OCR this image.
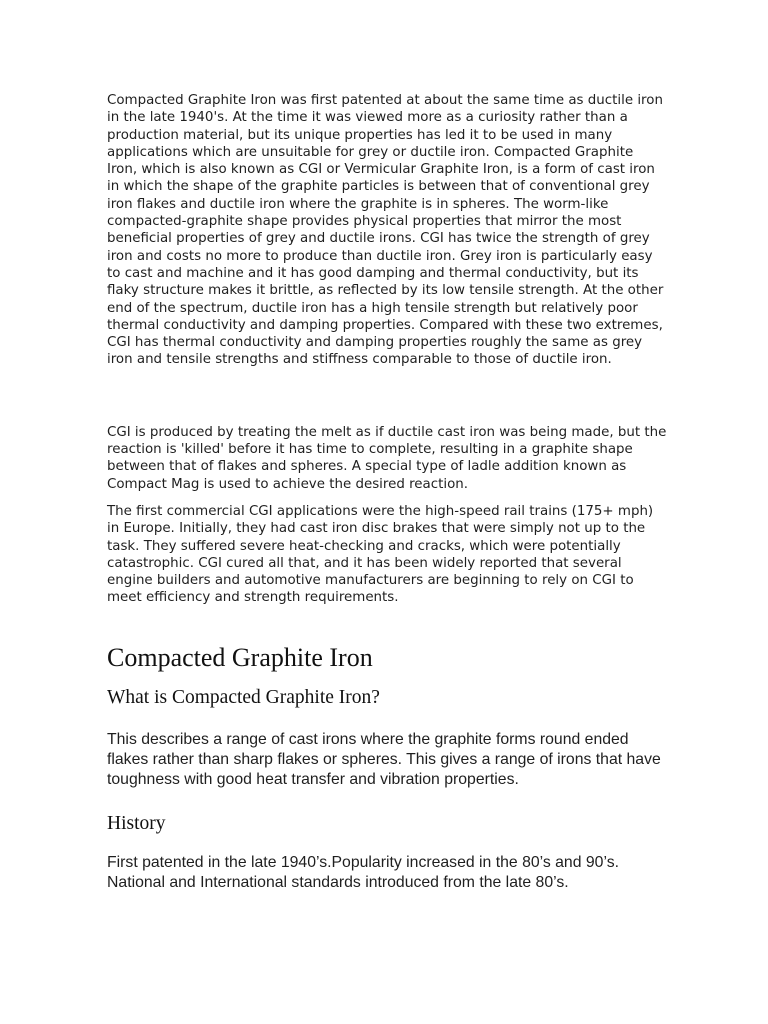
Compacted Graphite Iron was first patented at about the same time as ductile iron in the late 1940's. At the time it was viewed more as a curiosity rather than a production material, but its unique properties has led it to be used in many applications which are unsuitable for grey or ductile iron. Compacted Graphite Iron, which is also known as CGI or Vermicular Graphite Iron, is a form of cast iron in which the shape of the graphite particles is between that of conventional grey iron flakes and ductile iron where the graphite is in spheres. The worm-like compacted-graphite shape provides physical properties that mirror the most beneficial properties of grey and ductile irons. CGI has twice the strength of grey iron and costs no more to produce than ductile iron. Grey iron is particularly easy to cast and machine and it has good damping and thermal conductivity, but its flaky structure makes it brittle, as reflected by its low tensile strength. At the other end of the spectrum, ductile iron has a high tensile strength but relatively poor thermal conductivity and damping properties. Compared with these two extremes, CGI has thermal conductivity and damping properties roughly the same as grey iron and tensile strengths and stiffness comparable to those of ductile iron.

CGI is produced by treating the melt as if ductile cast iron was being made, but the reaction is 'killed' before it has time to complete, resulting in a graphite shape between that of flakes and spheres. A special type of ladle addition known as Compact Mag is used to achieve the desired reaction.

The first commercial CGI applications were the high-speed rail trains (175+ mph) in Europe. Initially, they had cast iron disc brakes that were simply not up to the task. They suffered severe heat-checking and cracks, which were potentially catastrophic. CGI cured all that, and it has been widely reported that several engine builders and automotive manufacturers are beginning to rely on CGI to meet efficiency and strength requirements.

Compacted Graphite Iron
What is Compacted Graphite Iron?

This describes a range of cast irons where the graphite forms round ended flakes rather than sharp flakes or spheres. This gives a range of irons that have toughness with good heat transfer and vibration properties.

History

First patented in the late 1940’s.Popularity increased in the 80’s and 90’s. National and International standards introduced from the late 80’s.
